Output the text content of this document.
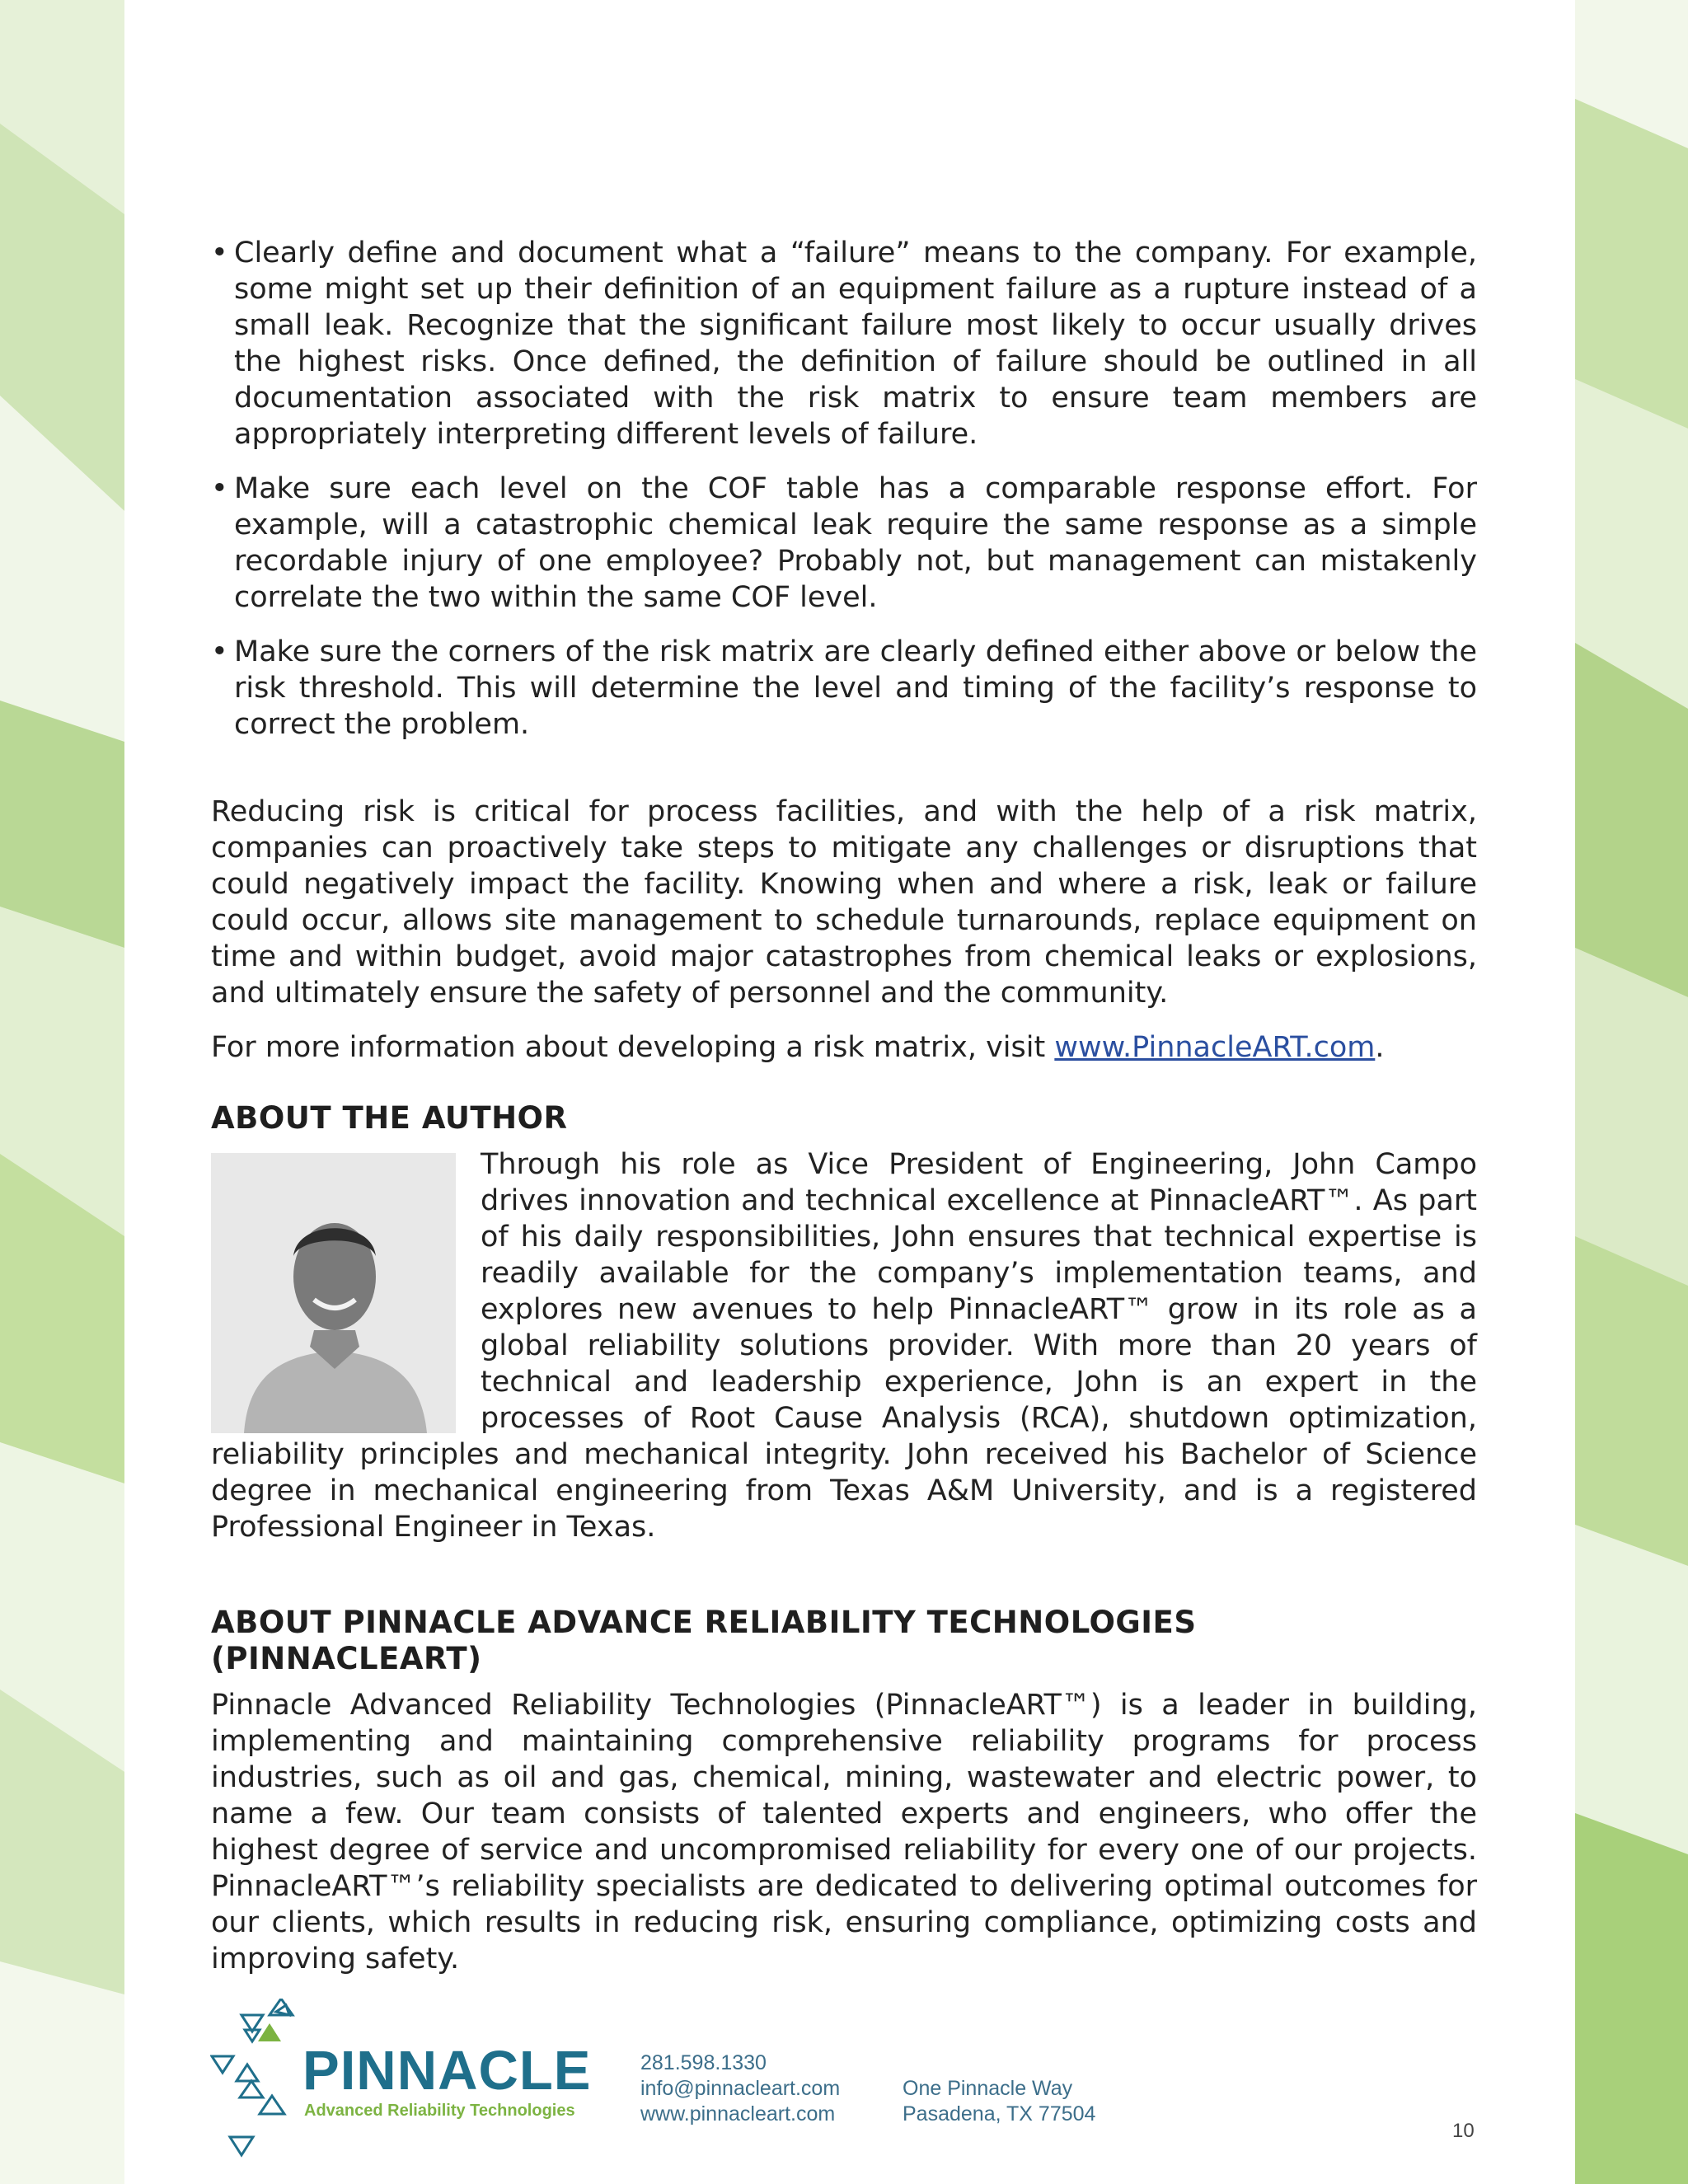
• Clearly define and document what a “failure” means to the company. For example, some might set up their definition of an equipment failure as a rupture instead of a small leak. Recognize that the significant failure most likely to occur usually drives the highest risks. Once defined, the definition of failure should be outlined in all documentation associated with the risk matrix to ensure team members are appropriately interpreting different levels of failure.
• Make sure each level on the COF table has a comparable response effort. For example, will a catastrophic chemical leak require the same response as a simple recordable injury of one employee? Probably not, but management can mistakenly correlate the two within the same COF level.
• Make sure the corners of the risk matrix are clearly defined either above or below the risk threshold. This will determine the level and timing of the facility’s response to correct the problem.

Reducing risk is critical for process facilities, and with the help of a risk matrix, companies can proactively take steps to mitigate any challenges or disruptions that could negatively impact the facility. Knowing when and where a risk, leak or failure could occur, allows site management to schedule turnarounds, replace equipment on time and within budget, avoid major catastrophes from chemical leaks or explosions, and ultimately ensure the safety of personnel and the community.

For more information about developing a risk matrix, visit www.PinnacleART.com.

ABOUT THE AUTHOR

Through his role as Vice President of Engineering, John Campo drives innovation and technical excellence at PinnacleART™. As part of his daily responsibilities, John ensures that technical expertise is readily available for the company’s implementation teams, and explores new avenues to help PinnacleART™ grow in its role as a global reliability solutions provider. With more than 20 years of technical and leadership experience, John is an expert in the processes of Root Cause Analysis (RCA), shutdown optimization, reliability principles and mechanical integrity. John received his Bachelor of Science degree in mechanical engineering from Texas A&M University, and is a registered Professional Engineer in Texas.

ABOUT PINNACLE ADVANCE RELIABILITY TECHNOLOGIES (PINNACLEART)

Pinnacle Advanced Reliability Technologies (PinnacleART™) is a leader in building, implementing and maintaining comprehensive reliability programs for process industries, such as oil and gas, chemical, mining, wastewater and electric power, to name a few. Our team consists of talented experts and engineers, who offer the highest degree of service and uncompromised reliability for every one of our projects. PinnacleART™’s reliability specialists are dedicated to delivering optimal outcomes for our clients, which results in reducing risk, ensuring compliance, optimizing costs and improving safety.

PINNACLE
Advanced Reliability Technologies
281.598.1330
info@pinnacleart.com
www.pinnacleart.com
One Pinnacle Way
Pasadena, TX 77504
10
